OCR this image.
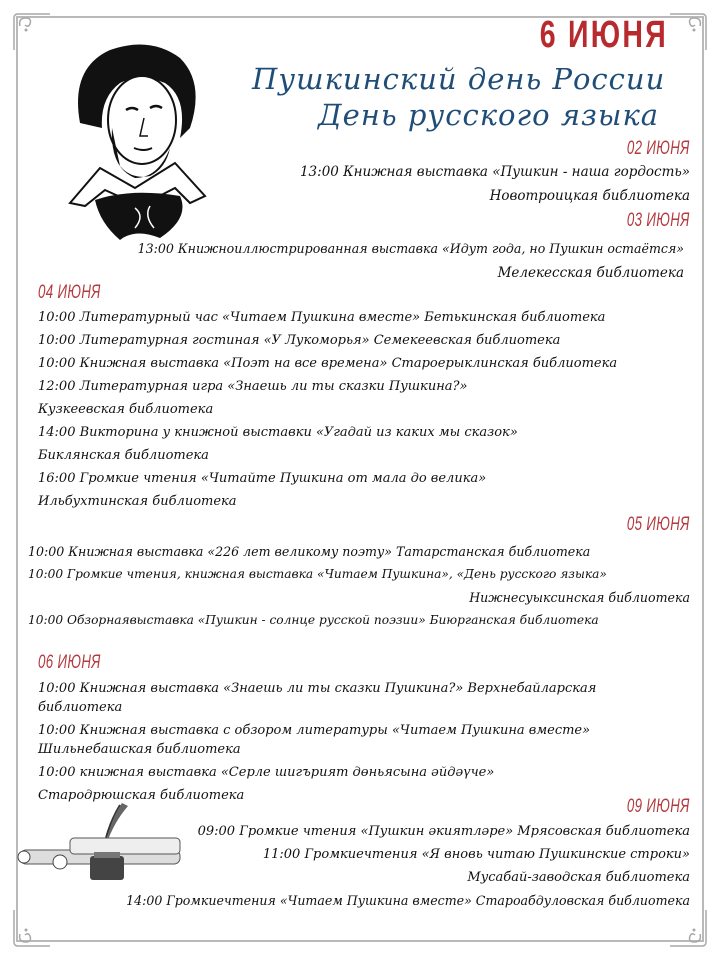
6 ИЮНЯ
Пушкинский день России
День русского языка
02 ИЮНЯ
13:00 Книжная выставка «Пушкин - наша гордость»
Новотроицкая библиотека
03 ИЮНЯ
13:00 Книжноиллюстрированная выставка «Идут года, но Пушкин остаётся»
Мелекесская библиотека
04 ИЮНЯ
10:00 Литературный час «Читаем Пушкина вместе» Бетькинская библиотека
10:00 Литературная гостиная «У Лукоморья» Семекеевская библиотека
10:00 Книжная выставка «Поэт на все времена» Староерыклинская библиотека
12:00 Литературная игра «Знаешь ли ты сказки Пушкина?»
Кузкеевская библиотека
14:00 Викторина у книжной выставки «Угадай из каких мы сказок»
Биклянская библиотека
16:00 Громкие чтения «Читайте Пушкина от мала до велика»
Ильбухтинская библиотека
05 ИЮНЯ
10:00 Книжная выставка «226 лет великому поэту» Татарстанская библиотека
10:00 Громкие чтения, книжная выставка «Читаем Пушкина», «День русского языка»
Нижнесуыксинская библиотека
10:00 Обзорнаявыставка «Пушкин - солнце русской поэзии» Биюрганская библиотека
06 ИЮНЯ
10:00 Книжная выставка «Знаешь ли ты сказки Пушкина?» Верхнебайларская
библиотека
10:00 Книжная выставка с обзором литературы «Читаем Пушкина вместе»
Шильнебашская библиотека
10:00 книжная выставка «Серле шигърият дөньясына әйдәүче»
Стародрюшская библиотека
09 ИЮНЯ
09:00 Громкие чтения «Пушкин әкиятләре» Мрясовская библиотека
11:00 Громкиечтения «Я вновь читаю Пушкинские строки»
Мусабай-заводская библиотека
14:00 Громкиечтения «Читаем Пушкина вместе» Староабдуловская библиотека
